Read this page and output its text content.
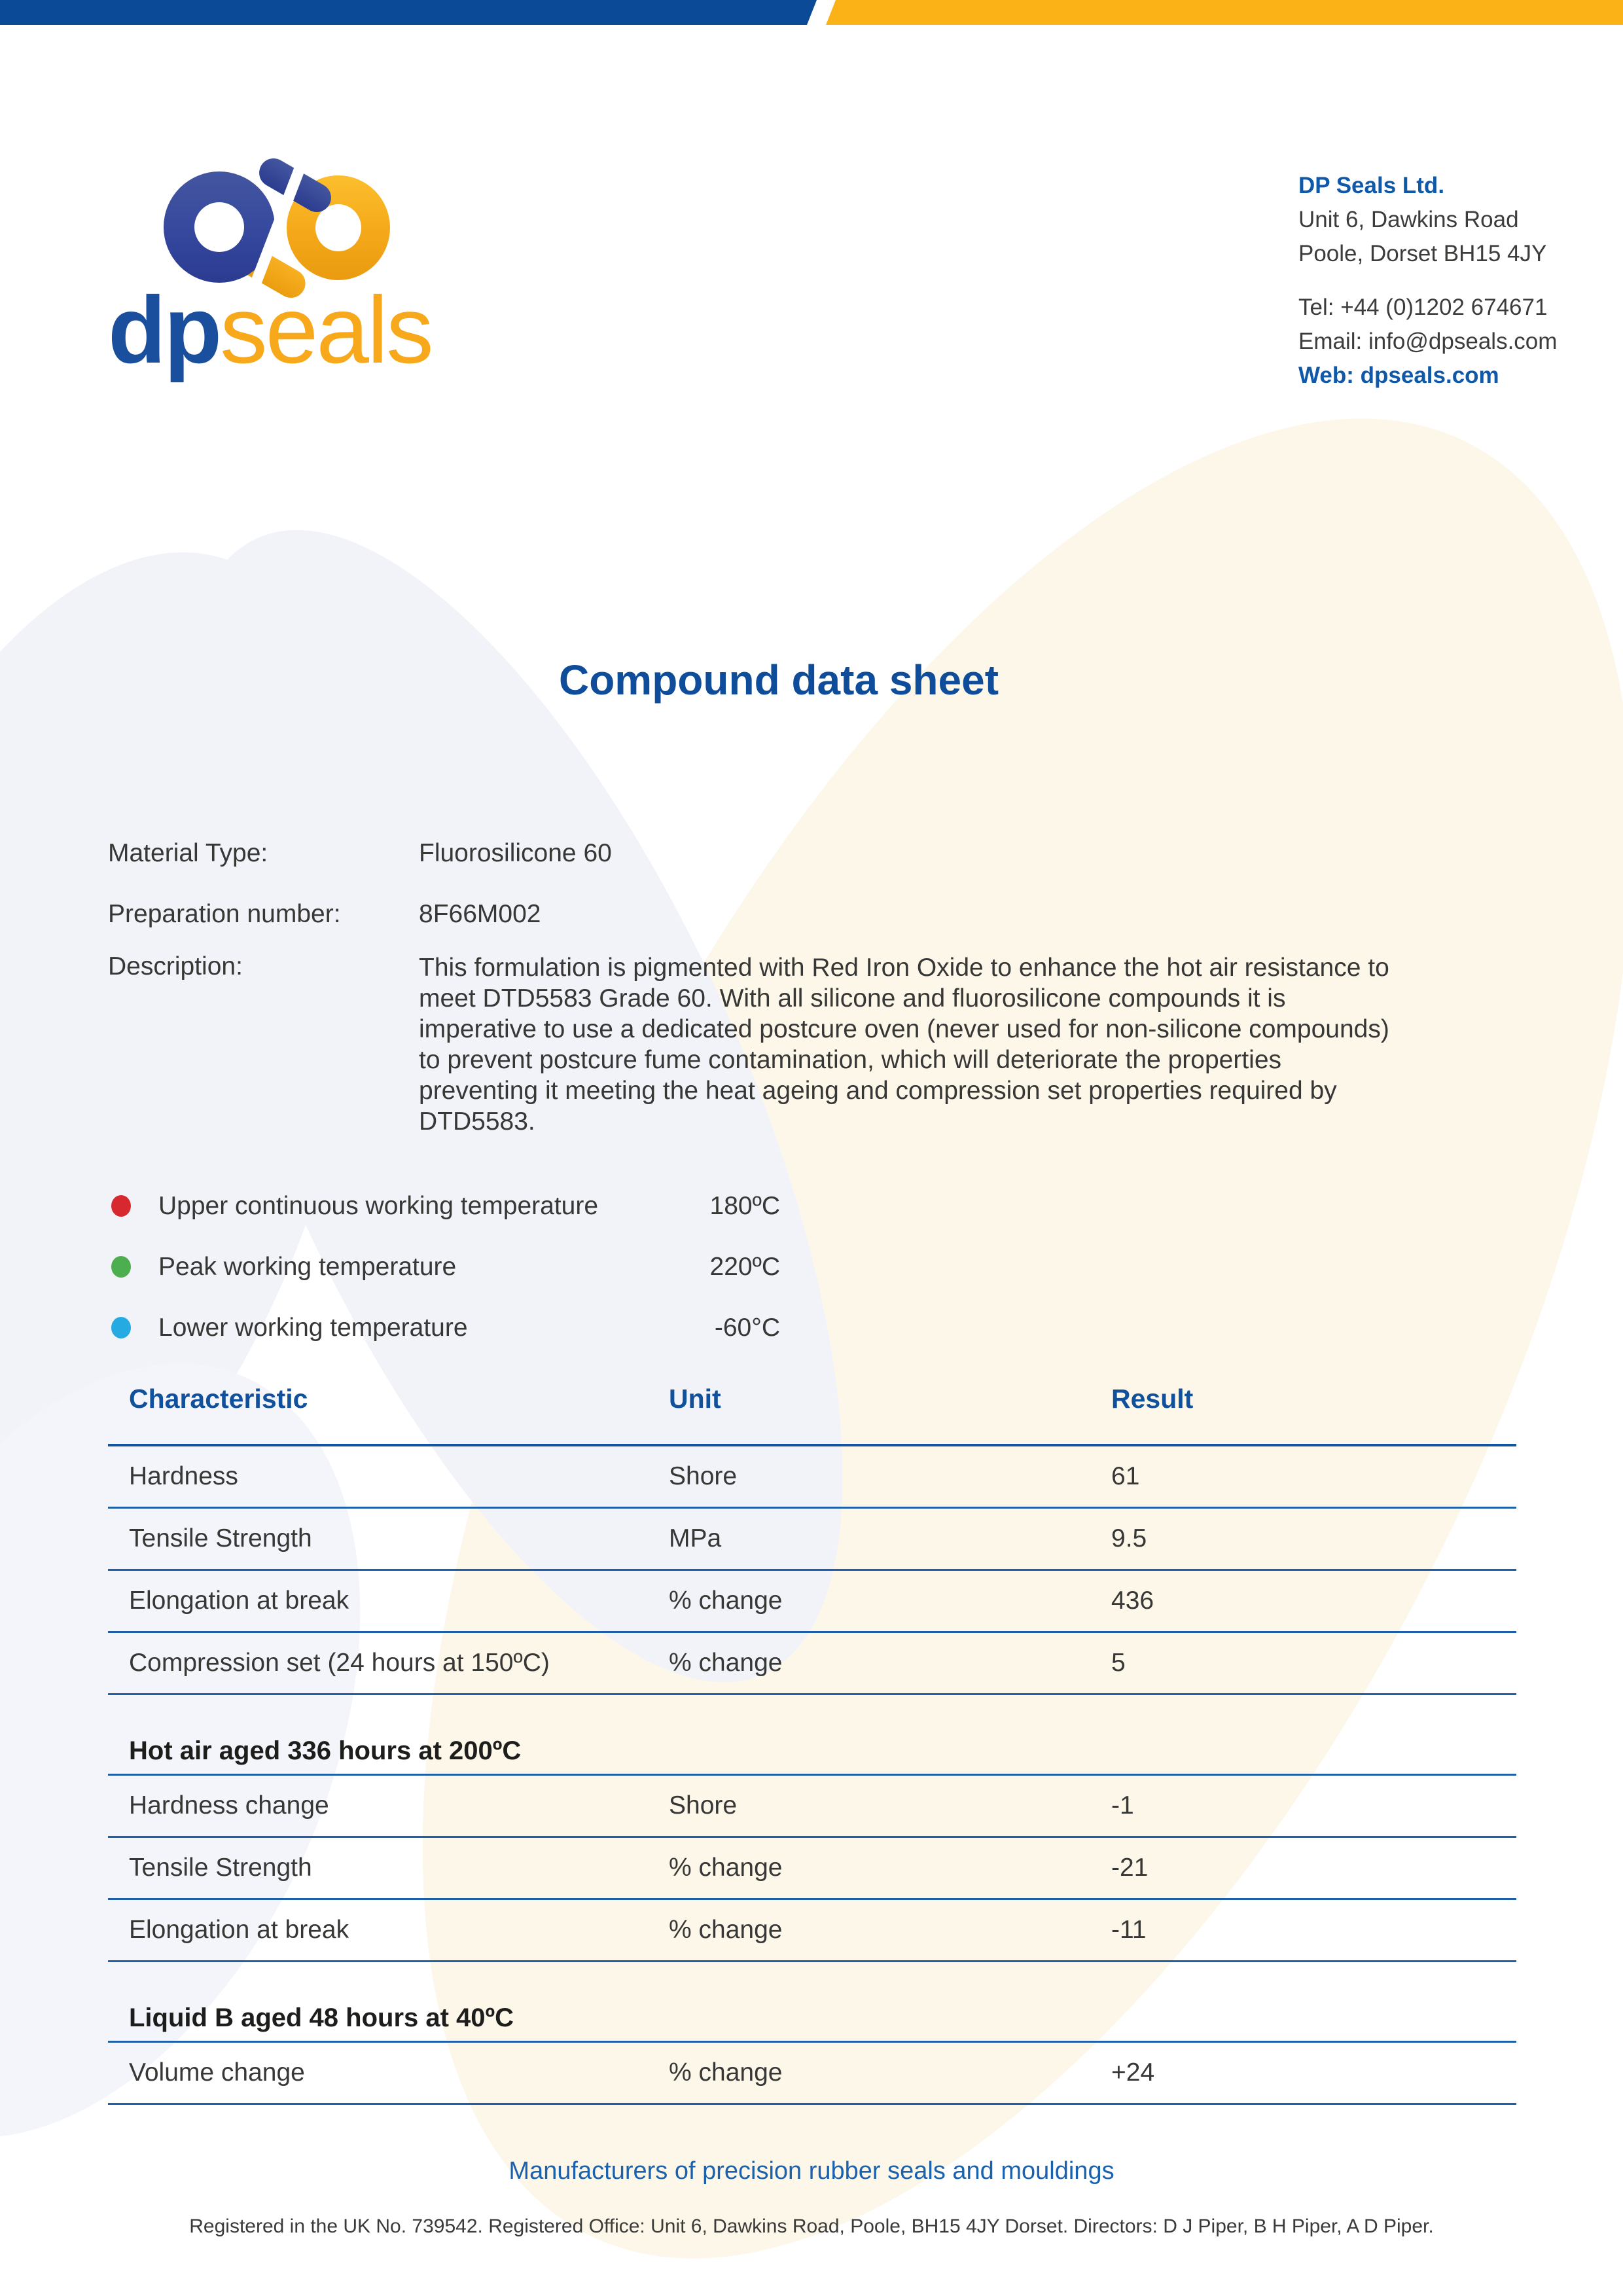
dpseals
DP Seals Ltd.
Unit 6, Dawkins Road
Poole, Dorset BH15 4JY
Tel: +44 (0)1202 674671
Email: info@dpseals.com
Web: dpseals.com
Compound data sheet
Material Type:	Fluorosilicone 60
Preparation number:	8F66M002
Description:	This formulation is pigmented with Red Iron Oxide to enhance the hot air resistance to meet DTD5583 Grade 60. With all silicone and fluorosilicone compounds it is imperative to use a dedicated postcure oven (never used for non-silicone compounds) to prevent postcure fume contamination, which will deteriorate the properties preventing it meeting the heat ageing and compression set properties required by DTD5583.
Upper continuous working temperature	180ºC
Peak working temperature	220ºC
Lower working temperature	-60°C
Characteristic	Unit	Result
Hardness	Shore	61
Tensile Strength	MPa	9.5
Elongation at break	% change	436
Compression set (24 hours at 150ºC)	% change	5
Hot air aged 336 hours at 200ºC
Hardness change	Shore	-1
Tensile Strength	% change	-21
Elongation at break	% change	-11
Liquid B aged 48 hours at 40ºC
Volume change	% change	+24
Manufacturers of precision rubber seals and mouldings
Registered in the UK No. 739542. Registered Office: Unit 6, Dawkins Road, Poole, BH15 4JY Dorset. Directors: D J Piper, B H Piper, A D Piper.
